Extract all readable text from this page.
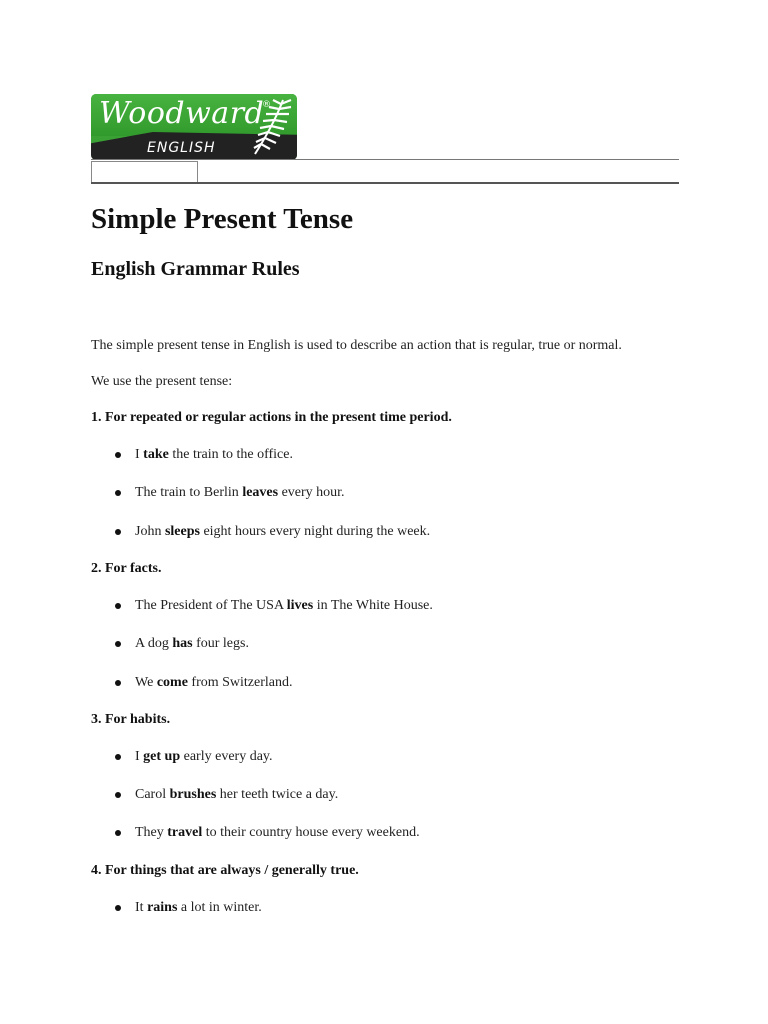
Woodward
®
ENGLISH
Simple Present Tense
English Grammar Rules
The simple present tense in English is used to describe an action that is regular, true or normal.
We use the present tense:
1. For repeated or regular actions in the present time period.
I take the train to the office.
The train to Berlin leaves every hour.
John sleeps eight hours every night during the week.
2. For facts.
The President of The USA lives in The White House.
A dog has four legs.
We come from Switzerland.
3. For habits.
I get up early every day.
Carol brushes her teeth twice a day.
They travel to their country house every weekend.
4. For things that are always / generally true.
It rains a lot in winter.
